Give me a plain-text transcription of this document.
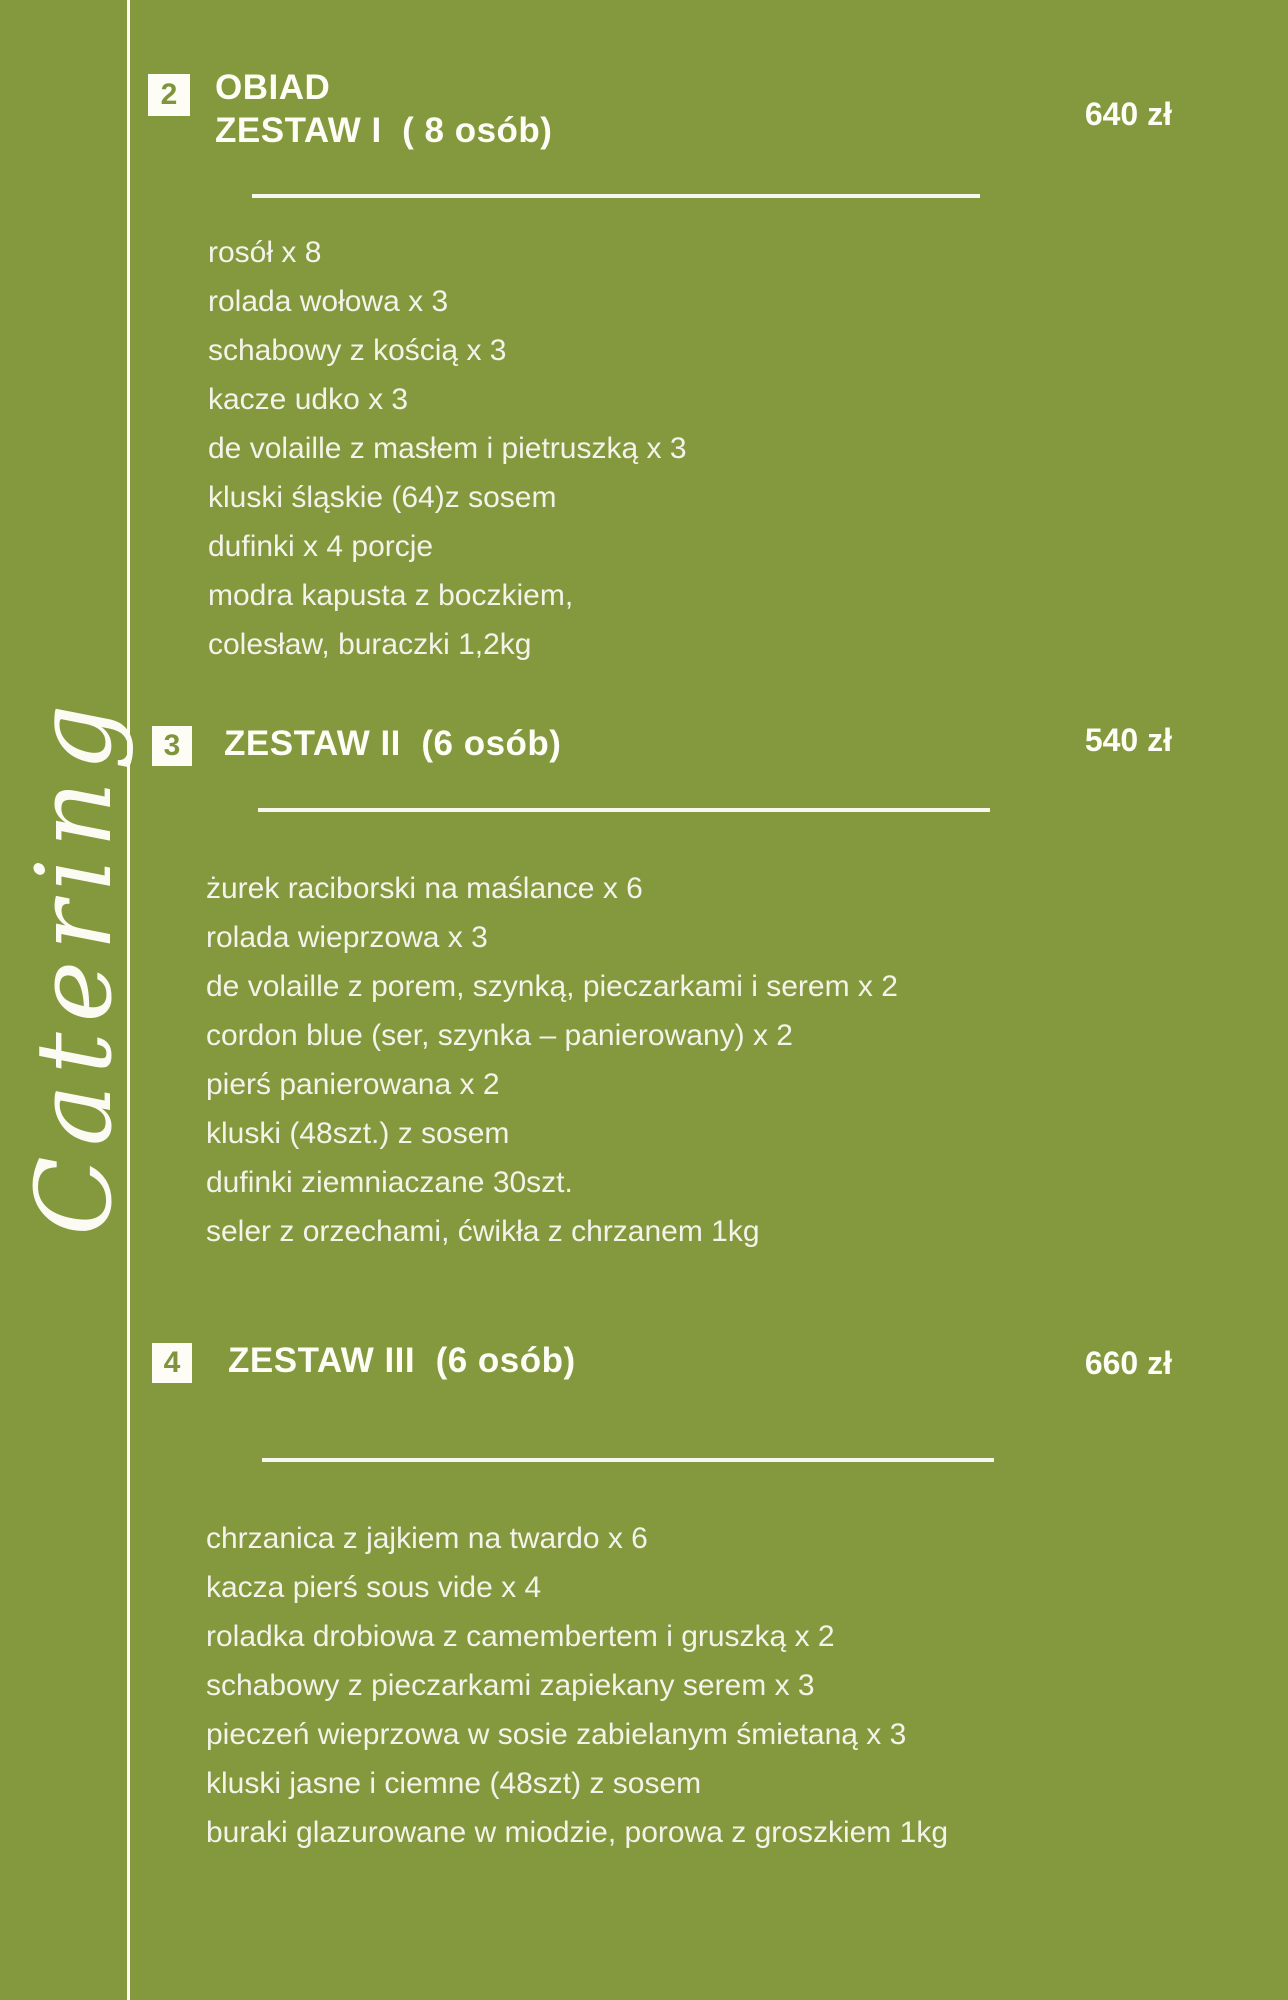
Catering
2	OBIAD
ZESTAW I  ( 8 osób)	640 zł
rosół x 8
rolada wołowa x 3
schabowy z kością x 3
kacze udko x 3
de volaille z masłem i pietruszką x 3
kluski śląskie (64)z sosem
dufinki x 4 porcje
modra kapusta z boczkiem,
colesław, buraczki 1,2kg
3	ZESTAW II  (6 osób)	540 zł
żurek raciborski na maślance x 6
rolada wieprzowa x 3
de volaille z porem, szynką, pieczarkami i serem x 2
cordon blue (ser, szynka – panierowany) x 2
pierś panierowana x 2
kluski (48szt.) z sosem
dufinki ziemniaczane 30szt.
seler z orzechami, ćwikła z chrzanem 1kg
4	ZESTAW III  (6 osób)	660 zł
chrzanica z jajkiem na twardo x 6
kacza pierś sous vide x 4
roladka drobiowa z camembertem i gruszką x 2
schabowy z pieczarkami zapiekany serem x 3
pieczeń wieprzowa w sosie zabielanym śmietaną x 3
kluski jasne i ciemne (48szt) z sosem
buraki glazurowane w miodzie, porowa z groszkiem 1kg
